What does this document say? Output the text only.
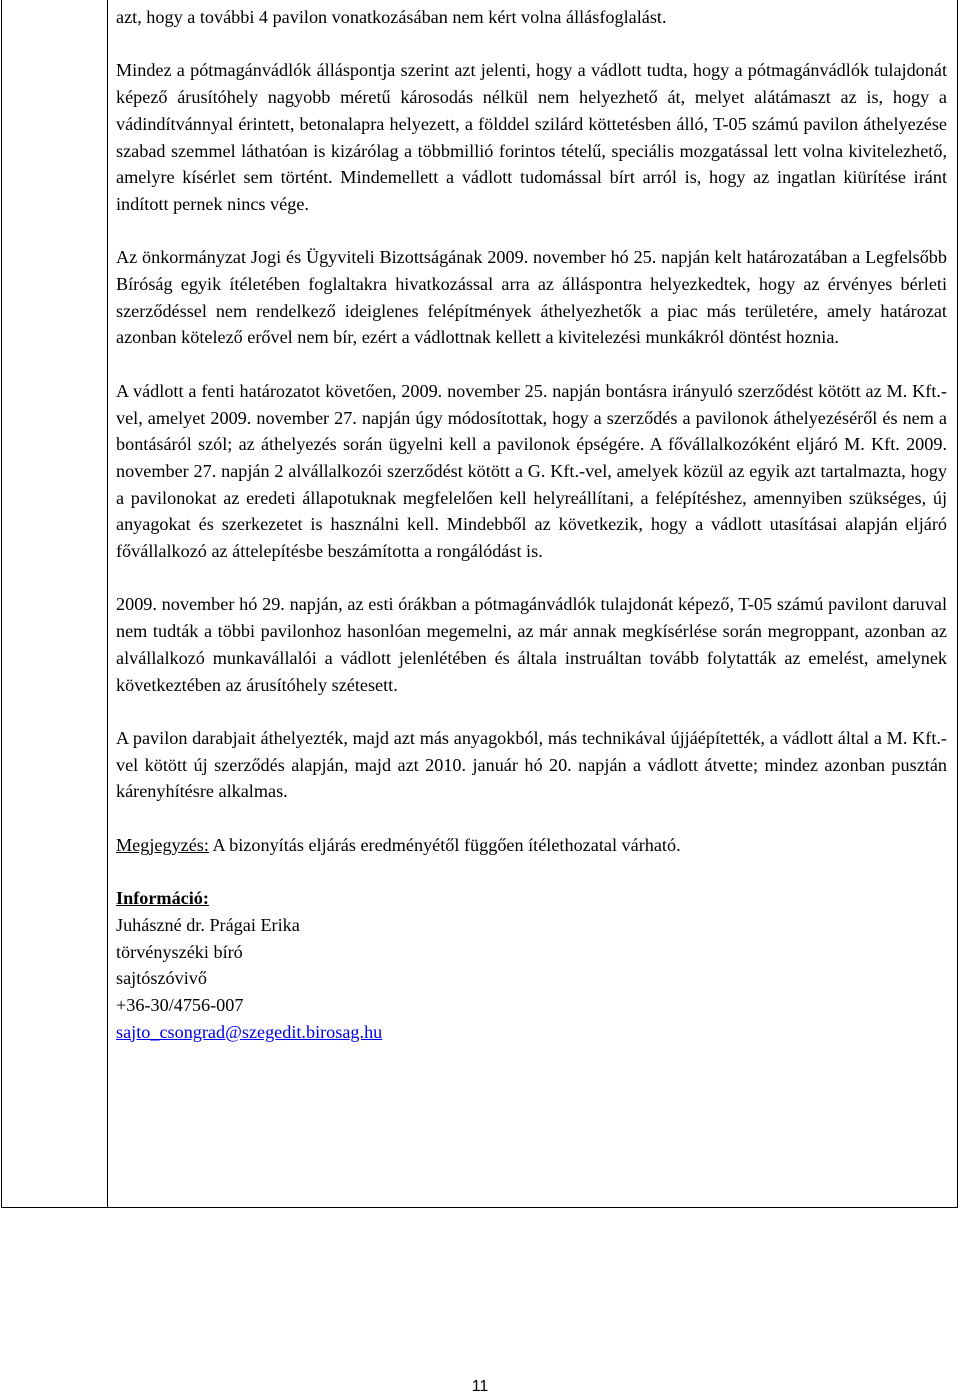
azt, hogy a további 4 pavilon vonatkozásában nem kért volna állásfoglalást.

Mindez a pótmagánvádlók álláspontja szerint azt jelenti, hogy a vádlott tudta, hogy a pótmagánvádlók tulajdonát képező árusítóhely nagyobb méretű károsodás nélkül nem helyezhető át, melyet alátámaszt az is, hogy a vádindítvánnyal érintett, betonalapra helyezett, a földdel szilárd köttetésben álló, T-05 számú pavilon áthelyezése szabad szemmel láthatóan is kizárólag a többmillió forintos tételű, speciális mozgatással lett volna kivitelezhető, amelyre kísérlet sem történt. Mindemellett a vádlott tudomással bírt arról is, hogy az ingatlan kiürítése iránt indított pernek nincs vége.

Az önkormányzat Jogi és Ügyviteli Bizottságának 2009. november hó 25. napján kelt határozatában a Legfelsőbb Bíróság egyik ítéletében foglaltakra hivatkozással arra az álláspontra helyezkedtek, hogy az érvényes bérleti szerződéssel nem rendelkező ideiglenes felépítmények áthelyezhetők a piac más területére, amely határozat azonban kötelező erővel nem bír, ezért a vádlottnak kellett a kivitelezési munkákról döntést hoznia.

A vádlott a fenti határozatot követően, 2009. november 25. napján bontásra irányuló szerződést kötött az M. Kft.-vel, amelyet 2009. november 27. napján úgy módosítottak, hogy a szerződés a pavilonok áthelyezéséről és nem a bontásáról szól; az áthelyezés során ügyelni kell a pavilonok épségére. A fővállalkozóként eljáró M. Kft. 2009. november 27. napján 2 alvállalkozói szerződést kötött a G. Kft.-vel, amelyek közül az egyik azt tartalmazta, hogy a pavilonokat az eredeti állapotuknak megfelelően kell helyreállítani, a felépítéshez, amennyiben szükséges, új anyagokat és szerkezetet is használni kell. Mindebből az következik, hogy a vádlott utasításai alapján eljáró fővállalkozó az áttelepítésbe beszámította a rongálódást is.

2009. november hó 29. napján, az esti órákban a pótmagánvádlók tulajdonát képező, T-05 számú pavilont daruval nem tudták a többi pavilonhoz hasonlóan megemelni, az már annak megkísérlése során megroppant, azonban az alvállalkozó munkavállalói a vádlott jelenlétében és általa instruáltan tovább folytatták az emelést, amelynek következtében az árusítóhely szétesett.

A pavilon darabjait áthelyezték, majd azt más anyagokból, más technikával újjáépítették, a vádlott által a M. Kft.-vel kötött új szerződés alapján, majd azt 2010. január hó 20. napján a vádlott átvette; mindez azonban pusztán kárenyhítésre alkalmas.

Megjegyzés: A bizonyítás eljárás eredményétől függően ítélethozatal várható.

Információ:
Juhászné dr. Prágai Erika
törvényszéki bíró
sajtószóvivő
+36-30/4756-007
sajto_csongrad@szegedit.birosag.hu
11
